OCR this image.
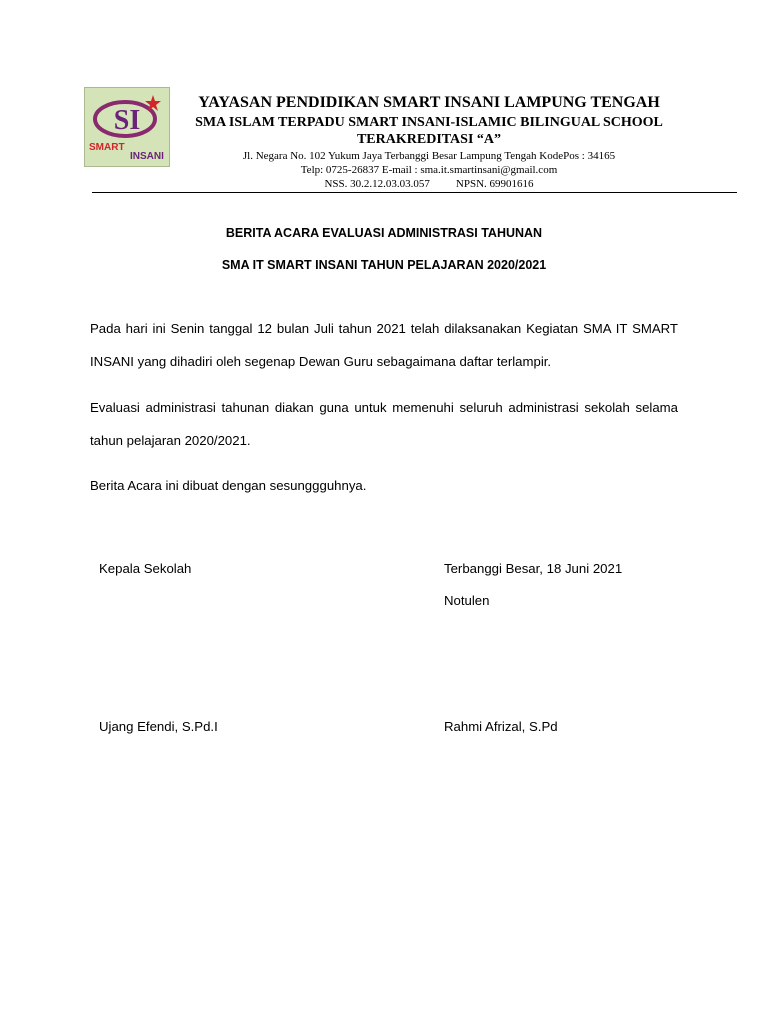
SI
SMART
INSANI
YAYASAN PENDIDIKAN SMART INSANI LAMPUNG TENGAH
SMA ISLAM TERPADU SMART INSANI-ISLAMIC BILINGUAL SCHOOL
TERAKREDITASI “A”
Jl. Negara No. 102 Yukum Jaya Terbanggi Besar Lampung Tengah KodePos : 34165
Telp: 0725-26837 E-mail : sma.it.smartinsani@gmail.com
NSS. 30.2.12.03.03.057 NPSN. 69901616
BERITA ACARA EVALUASI ADMINISTRASI TAHUNAN
SMA IT SMART INSANI TAHUN PELAJARAN 2020/2021
Pada hari ini Senin tanggal 12 bulan Juli tahun 2021 telah dilaksanakan Kegiatan SMA IT SMART INSANI yang dihadiri oleh segenap Dewan Guru sebagaimana daftar terlampir.
Evaluasi administrasi tahunan diakan guna untuk memenuhi seluruh administrasi sekolah selama tahun pelajaran 2020/2021.
Berita Acara ini dibuat dengan sesunggguhnya.
Kepala Sekolah	Terbanggi Besar, 18 Juni 2021
Notulen
Ujang Efendi, S.Pd.I	Rahmi Afrizal, S.Pd
